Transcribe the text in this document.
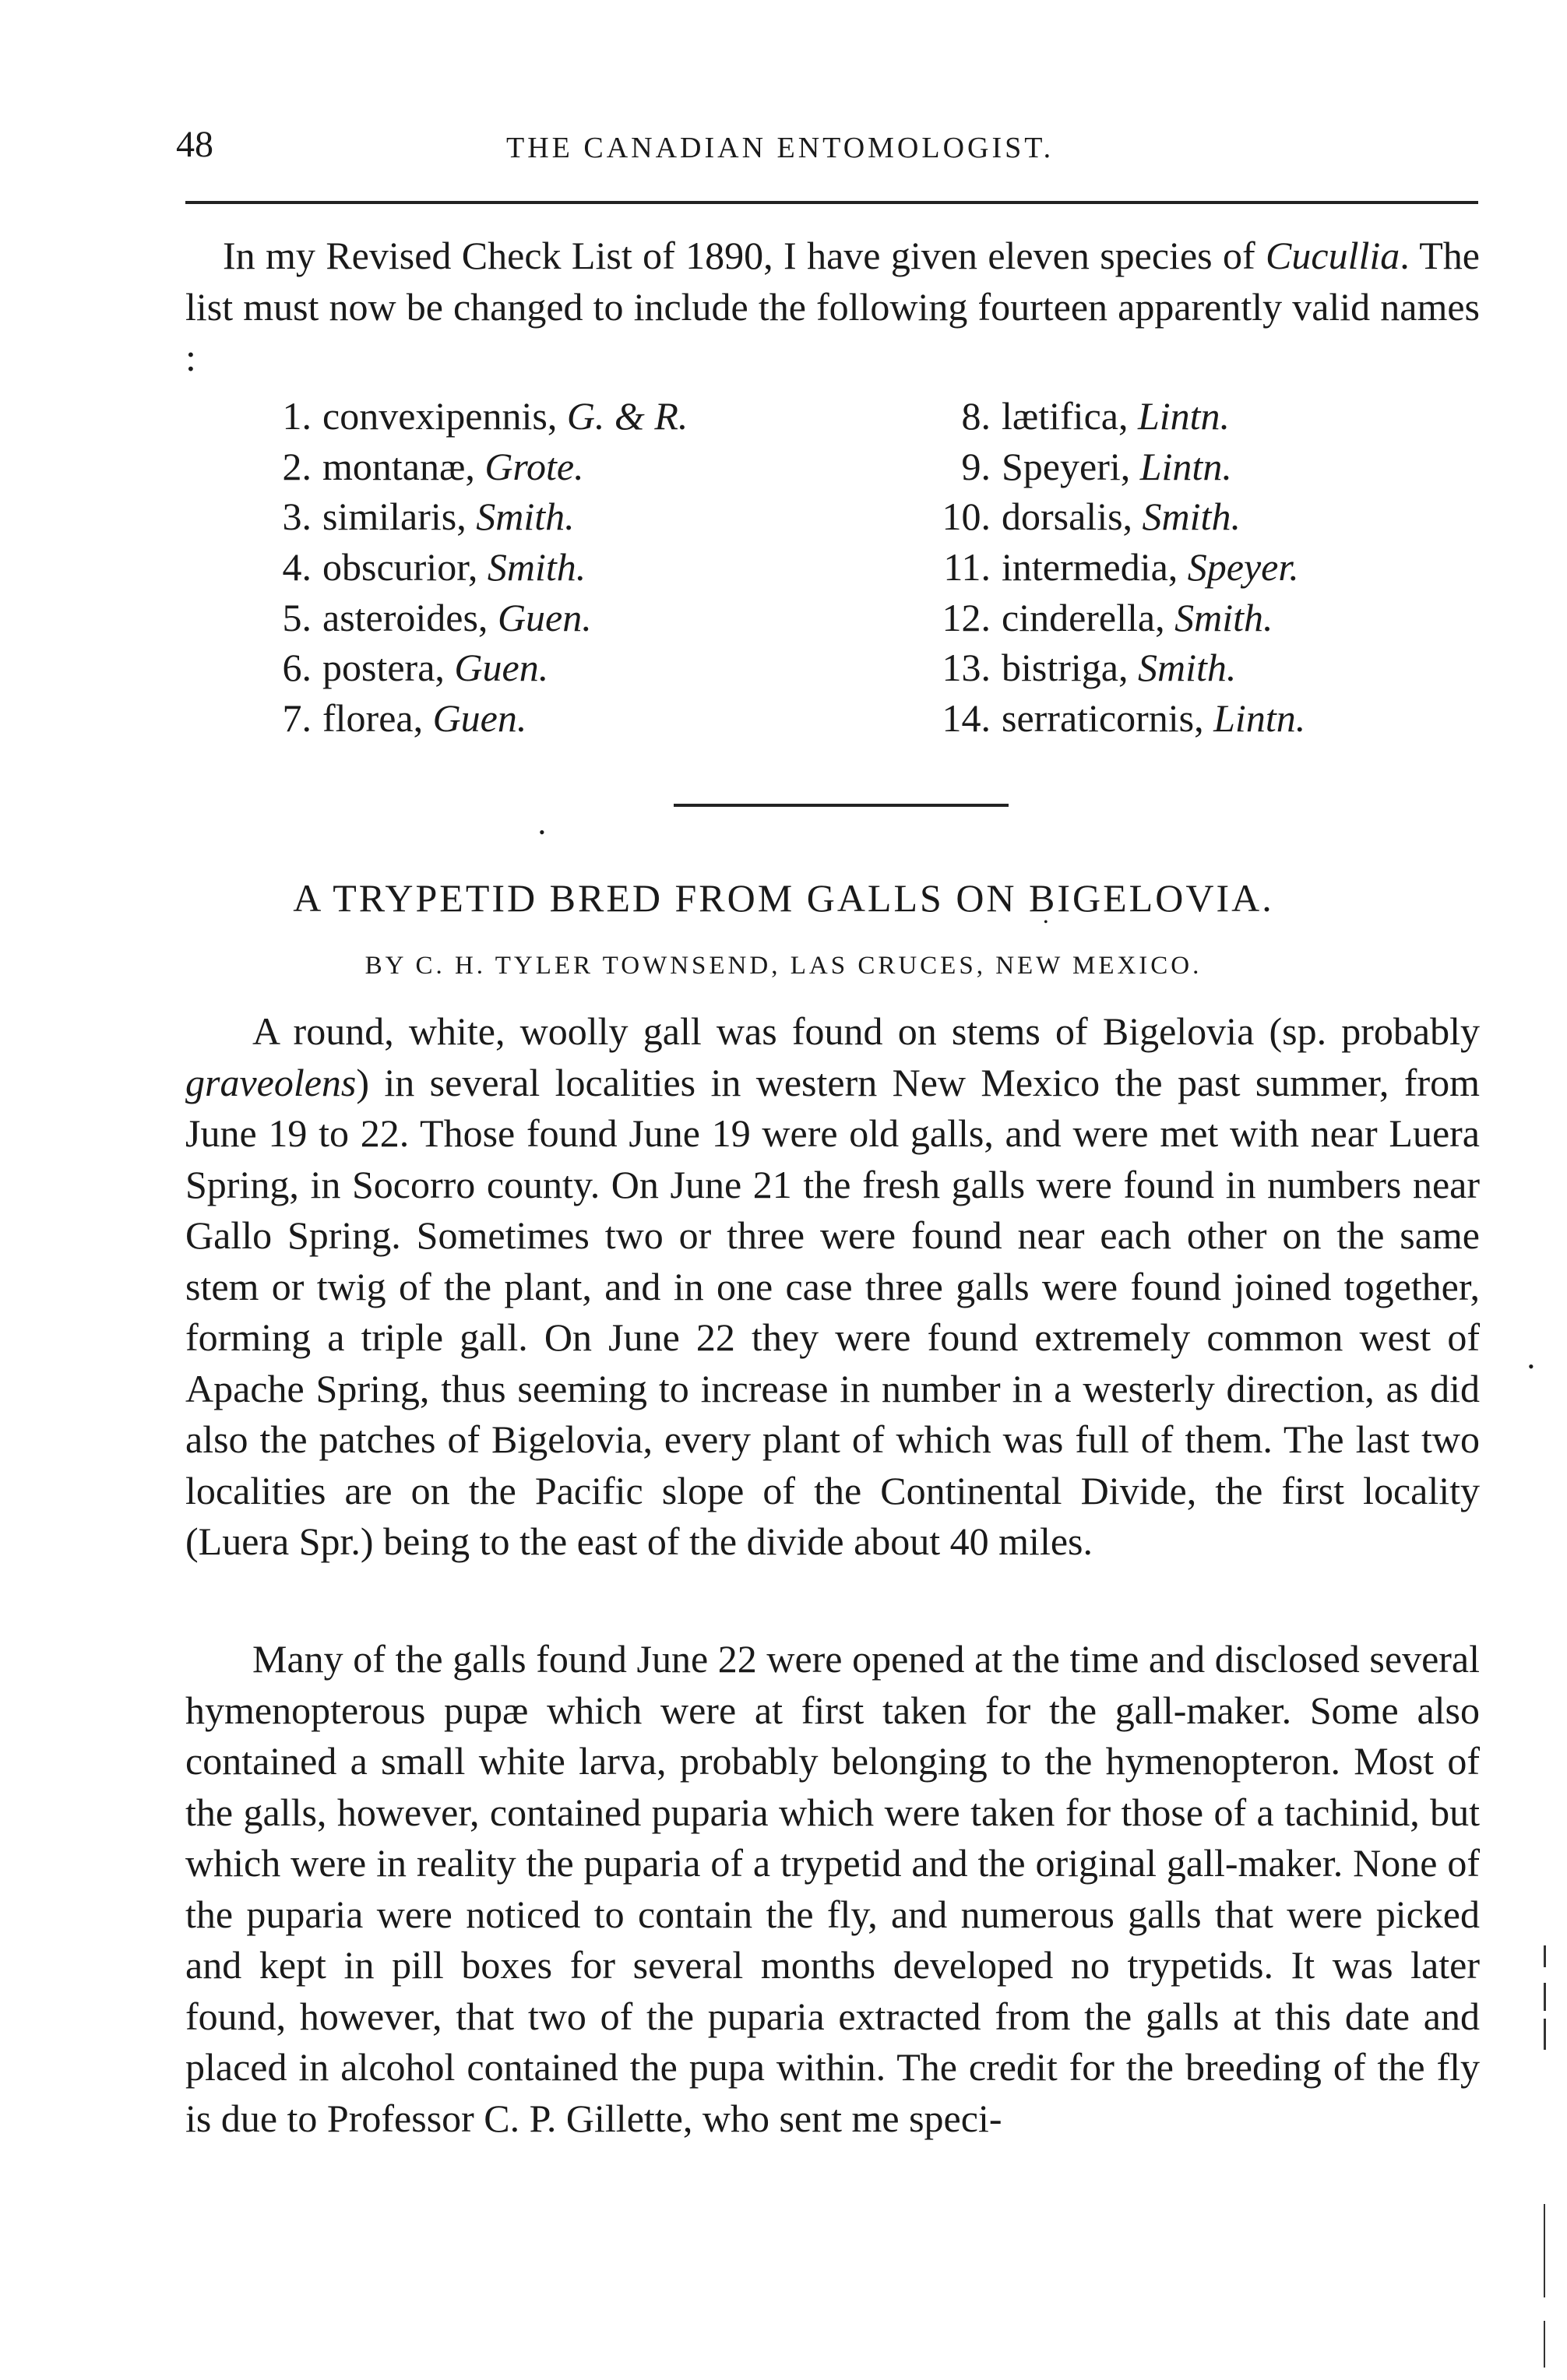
48	THE CANADIAN ENTOMOLOGIST.

In my Revised Check List of 1890, I have given eleven species of Cucullia. The list must now be changed to include the following fourteen apparently valid names :

1. convexipennis, G. & R.
2. montanæ, Grote.
3. similaris, Smith.
4. obscurior, Smith.
5. asteroides, Guen.
6. postera, Guen.
7. florea, Guen.
8. lætifica, Lintn.
9. Speyeri, Lintn.
10. dorsalis, Smith.
11. intermedia, Speyer.
12. cinderella, Smith.
13. bistriga, Smith.
14. serraticornis, Lintn.
•
•
A TRYPETID BRED FROM GALLS ON BIGELOVIA.
BY C. H. TYLER TOWNSEND, LAS CRUCES, NEW MEXICO.

A round, white, woolly gall was found on stems of Bigelovia (sp. probably graveolens) in several localities in western New Mexico the past summer, from June 19 to 22. Those found June 19 were old galls, and were met with near Luera Spring, in Socorro county. On June 21 the fresh galls were found in numbers near Gallo Spring. Sometimes two or three were found near each other on the same stem or twig of the plant, and in one case three galls were found joined together, forming a triple gall. On June 22 they were found extremely common west of Apache Spring, thus seeming to increase in number in a westerly direction, as did also the patches of Bigelovia, every plant of which was full of them. The last two localities are on the Pacific slope of the Continental Divide, the first locality (Luera Spr.) being to the east of the divide about 40 miles.

Many of the galls found June 22 were opened at the time and disclosed several hymenopterous pupæ which were at first taken for the gall-maker. Some also contained a small white larva, probably belonging to the hymenopteron. Most of the galls, however, contained puparia which were taken for those of a tachinid, but which were in reality the puparia of a trypetid and the original gall-maker. None of the puparia were noticed to contain the fly, and numerous galls that were picked and kept in pill boxes for several months developed no trypetids. It was later found, however, that two of the puparia extracted from the galls at this date and placed in alcohol contained the pupa within. The credit for the breeding of the fly is due to Professor C. P. Gillette, who sent me speci-

•
